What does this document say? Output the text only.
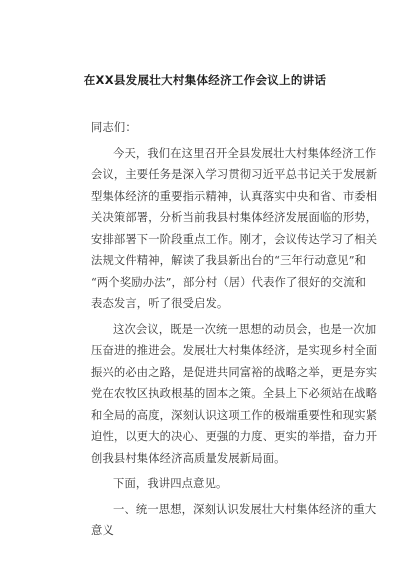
在XX县发展壮大村集体经济工作会议上的讲话
同志们：
今天，我们在这里召开全县发展壮大村集体经济工作
会议，主要任务是深入学习贯彻习近平总书记关于发展新
型集体经济的重要指示精神，认真落实中央和省、市委相
关决策部署，分析当前我县村集体经济发展面临的形势，
安排部署下一阶段重点工作。刚才，会议传达学习了相关
法规文件精神，解读了我县新出台的“三年行动意见”和
“两个奖励办法”，部分村（居）代表作了很好的交流和
表态发言，听了很受启发。
这次会议，既是一次统一思想的动员会，也是一次加
压奋进的推进会。发展壮大村集体经济，是实现乡村全面
振兴的必由之路，是促进共同富裕的战略之举，更是夯实
党在农牧区执政根基的固本之策。全县上下必须站在战略
和全局的高度，深刻认识这项工作的极端重要性和现实紧
迫性，以更大的决心、更强的力度、更实的举措，奋力开
创我县村集体经济高质量发展新局面。
下面，我讲四点意见。
一、统一思想，深刻认识发展壮大村集体经济的重大
意义
